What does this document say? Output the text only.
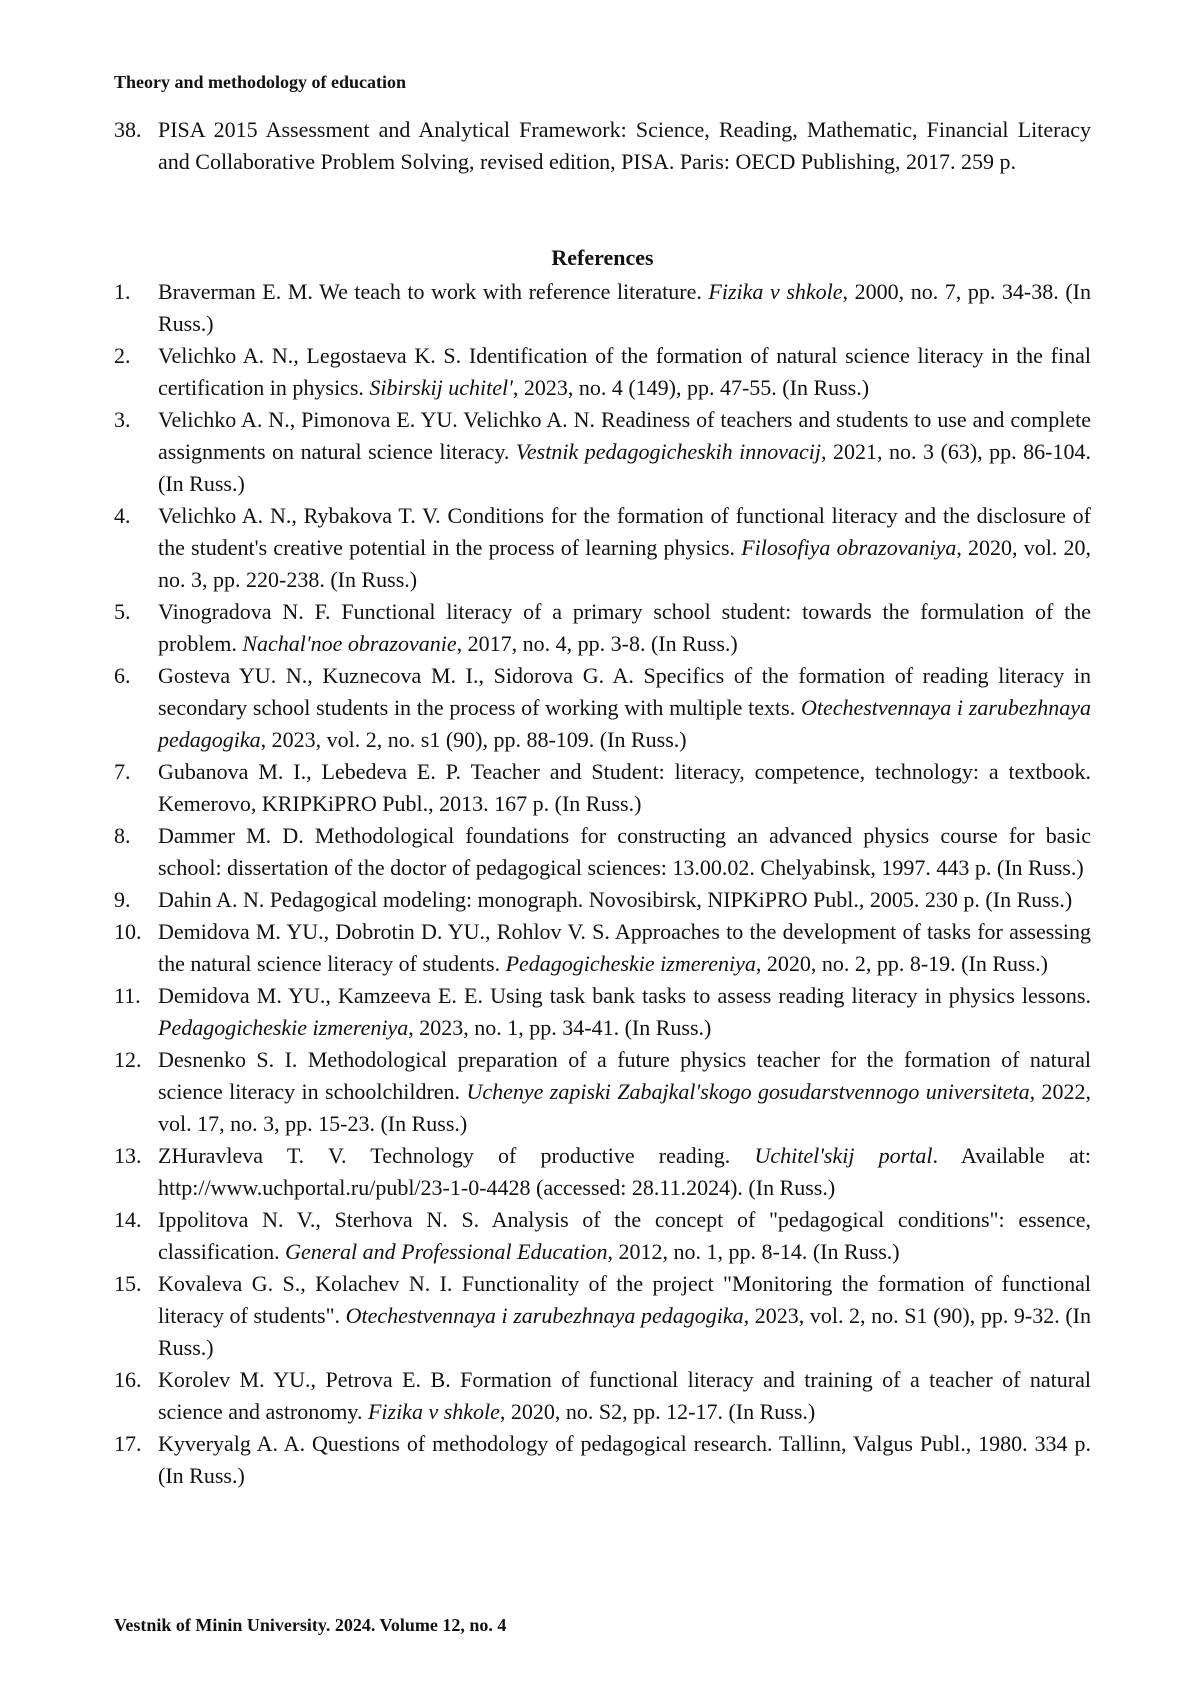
Theory and methodology of education
38. PISA 2015 Assessment and Analytical Framework: Science, Reading, Mathematic, Financial Literacy and Collaborative Problem Solving, revised edition, PISA. Paris: OECD Publishing, 2017. 259 p.
References
1.	Braverman E. M. We teach to work with reference literature. Fizika v shkole, 2000, no. 7, pp. 34-38. (In Russ.)
2.	Velichko A. N., Legostaeva K. S. Identification of the formation of natural science literacy in the final certification in physics. Sibirskij uchitel', 2023, no. 4 (149), pp. 47-55. (In Russ.)
3.	Velichko A. N., Pimonova E. YU. Velichko A. N. Readiness of teachers and students to use and complete assignments on natural science literacy. Vestnik pedagogicheskih innovacij, 2021, no. 3 (63), pp. 86-104. (In Russ.)
4.	Velichko A. N., Rybakova T. V. Conditions for the formation of functional literacy and the disclosure of the student's creative potential in the process of learning physics. Filosofiya obrazovaniya, 2020, vol. 20, no. 3, pp. 220-238. (In Russ.)
5.	Vinogradova N. F. Functional literacy of a primary school student: towards the formulation of the problem. Nachal'noe obrazovanie, 2017, no. 4, pp. 3-8. (In Russ.)
6.	Gosteva YU. N., Kuznecova M. I., Sidorova G. A. Specifics of the formation of reading literacy in secondary school students in the process of working with multiple texts. Otechestvennaya i zarubezhnaya pedagogika, 2023, vol. 2, no. s1 (90), pp. 88-109. (In Russ.)
7.	Gubanova M. I., Lebedeva E. P. Teacher and Student: literacy, competence, technology: a textbook. Kemerovo, KRIPKiPRO Publ., 2013. 167 p. (In Russ.)
8.	Dammer M. D. Methodological foundations for constructing an advanced physics course for basic school: dissertation of the doctor of pedagogical sciences: 13.00.02. Chelyabinsk, 1997. 443 p. (In Russ.)
9.	Dahin A. N. Pedagogical modeling: monograph. Novosibirsk, NIPKiPRO Publ., 2005. 230 p. (In Russ.)
10. Demidova M. YU., Dobrotin D. YU., Rohlov V. S. Approaches to the development of tasks for assessing the natural science literacy of students. Pedagogicheskie izmereniya, 2020, no. 2, pp. 8-19. (In Russ.)
11. Demidova M. YU., Kamzeeva E. E. Using task bank tasks to assess reading literacy in physics lessons. Pedagogicheskie izmereniya, 2023, no. 1, pp. 34-41. (In Russ.)
12. Desnenko S. I. Methodological preparation of a future physics teacher for the formation of natural science literacy in schoolchildren. Uchenye zapiski Zabajkal'skogo gosudarstvennogo universiteta, 2022, vol. 17, no. 3, pp. 15-23. (In Russ.)
13. ZHuravleva T. V. Technology of productive reading. Uchitel'skij portal. Available at: http://www.uchportal.ru/publ/23-1-0-4428 (accessed: 28.11.2024). (In Russ.)
14. Ippolitova N. V., Sterhova N. S. Analysis of the concept of "pedagogical conditions": essence, classification. General and Professional Education, 2012, no. 1, pp. 8-14. (In Russ.)
15. Kovaleva G. S., Kolachev N. I. Functionality of the project "Monitoring the formation of functional literacy of students". Otechestvennaya i zarubezhnaya pedagogika, 2023, vol. 2, no. S1 (90), pp. 9-32. (In Russ.)
16. Korolev M. YU., Petrova E. B. Formation of functional literacy and training of a teacher of natural science and astronomy. Fizika v shkole, 2020, no. S2, pp. 12-17. (In Russ.)
17. Kyveryalg A. A. Questions of methodology of pedagogical research. Tallinn, Valgus Publ., 1980. 334 p. (In Russ.)
Vestnik of Minin University. 2024. Volume 12, no. 4
